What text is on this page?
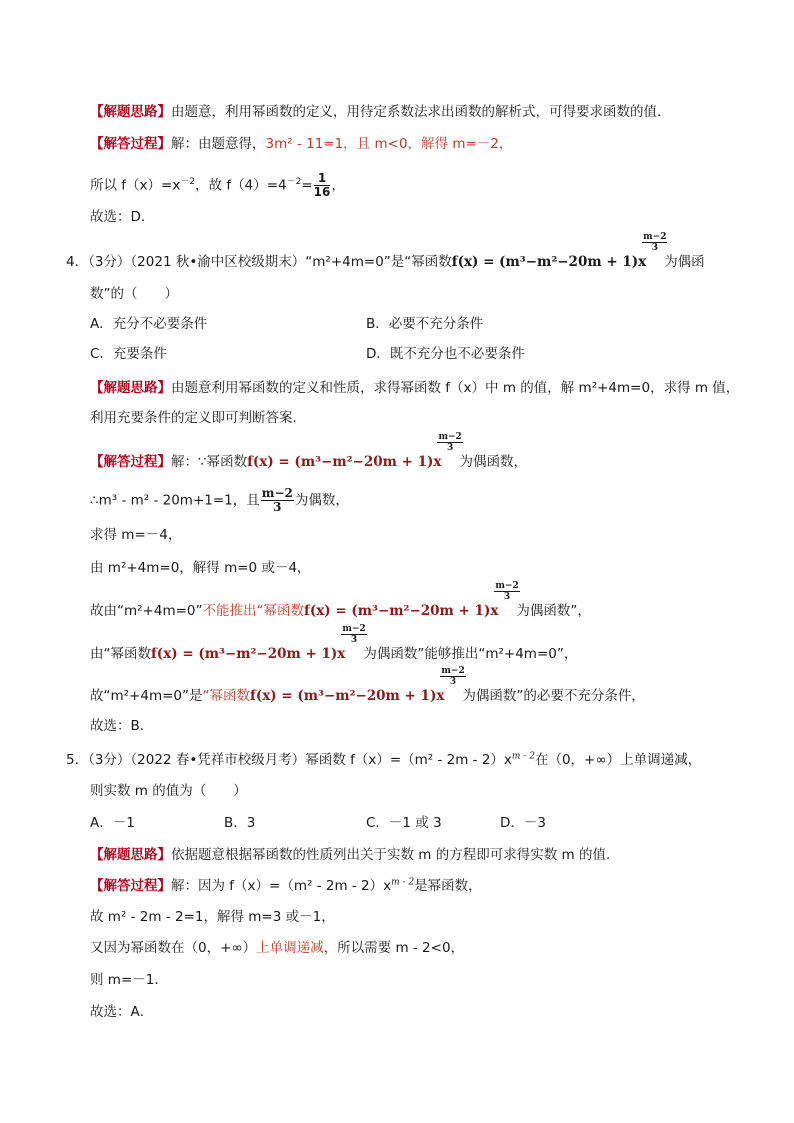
【解题思路】由题意，利用幂函数的定义，用待定系数法求出函数的解析式，可得要求函数的值．
【解答过程】解：由题意得，3m² - 11=1，且 m<0，解得 m=－2，
所以 $f(x)=x^{-2}$，故 $f(4)=4^{-2}= \frac{1}{16}$ ，
故选：D．
4．（3分）（2021 秋•渝中区校级期末）“m²+4m=0”是“幂函数f(x) = (m³−m²−20m + 1)x
$\frac{m-2}{3}$
为偶函
数”的（　　）
A．充分不必要条件	B．必要不充分条件
C．充要条件	D．既不充分也不必要条件
【解题思路】由题意利用幂函数的定义和性质，求得幂函数 f（x）中 m 的值，解 m²+4m=0，求得 m 值，
利用充要条件的定义即可判断答案．
【解答过程】解：∵幂函数f(x) = (m³−m²−20m + 1)x
$\frac{m-2}{3}$
为偶函数，
∴m³ - m² - 20m+1=1，且 $\frac{m-2}{3}$ 为偶数，
求得 m=－4，
由 m²+4m=0，解得 m=0 或－4，
故由“m²+4m=0”不能推出“幂函数f(x) = (m³−m²−20m + 1)x
$\frac{m-2}{3}$
为偶函数”，
由“幂函数f(x) = (m³−m²−20m + 1)x
$\frac{m-2}{3}$
为偶函数”能够推出“m²+4m=0”，
故“m²+4m=0”是“幂函数f(x) = (m³−m²−20m + 1)x
$\frac{m-2}{3}$
为偶函数”的必要不充分条件，
故选：B．
5．（3分）（2022 春•凭祥市校级月考）幂函数 $f(x)=(m^2 - 2m - 2)x^{m - 2}$在（0，+∞）上单调递减，
则实数 m 的值为（　　）
A．－1	B．3	C．－1 或 3	D．－3
【解题思路】依据题意根据幂函数的性质列出关于实数 m 的方程即可求得实数 m 的值．
【解答过程】解：因为 $f(x)=(m^2 - 2m - 2)x^{m - 2}$是幂函数，
故 m² - 2m - 2=1，解得 m=3 或－1，
又因为幂函数在（0，+∞）上单调递减，所以需要 m - 2<0，
则 m=－1．
故选：A．
